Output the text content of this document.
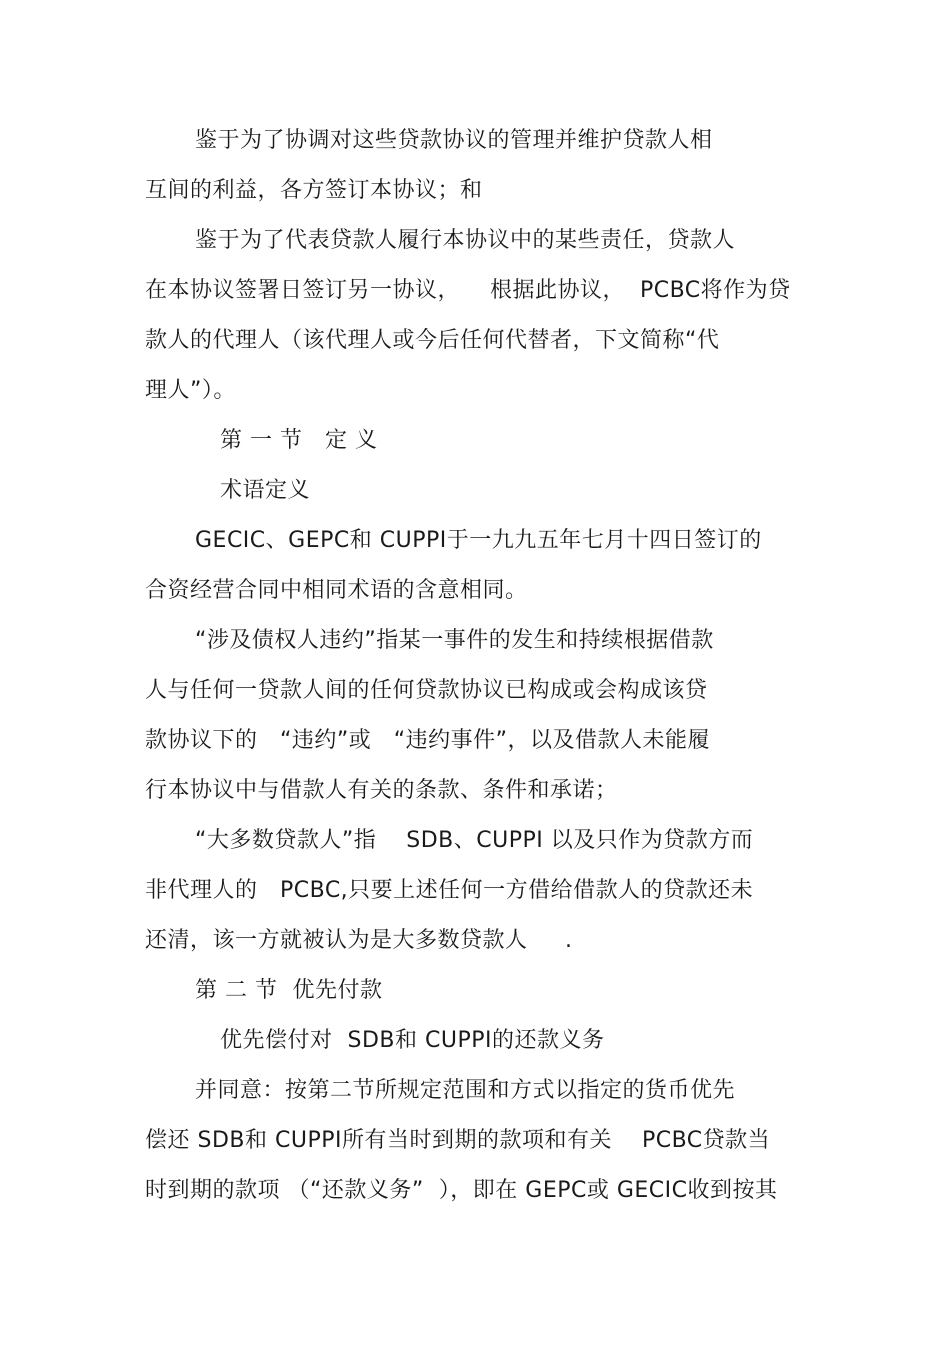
鉴于为了协调对这些贷款协议的管理并维护贷款人相
互间的利益，各方签订本协议；和
鉴于为了代表贷款人履行本协议中的某些责任，贷款人
在本协议签署日签订另一协议，    根据此协议，  PCBC将作为贷
款人的代理人（该代理人或今后任何代替者，下文简称“代
理人”）。
第 一 节   定 义
术语定义
GECIC、GEPC和 CUPPI于一九九五年七月十四日签订的
合资经营合同中相同术语的含意相同。
“涉及债权人违约”指某一事件的发生和持续根据借款
人与任何一贷款人间的任何贷款协议已构成或会构成该贷
款协议下的   “违约”或   “违约事件”，以及借款人未能履
行本协议中与借款人有关的条款、条件和承诺；
“大多数贷款人”指    SDB、CUPPI 以及只作为贷款方而
非代理人的   PCBC,只要上述任何一方借给借款人的贷款还未
还清，该一方就被认为是大多数贷款人     .
第 二 节  优先付款
优先偿付对  SDB和 CUPPI的还款义务
并同意：按第二节所规定范围和方式以指定的货币优先
偿还 SDB和 CUPPI所有当时到期的款项和有关    PCBC贷款当
时到期的款项 （“还款义务”  ），即在 GEPC或 GECIC收到按其
